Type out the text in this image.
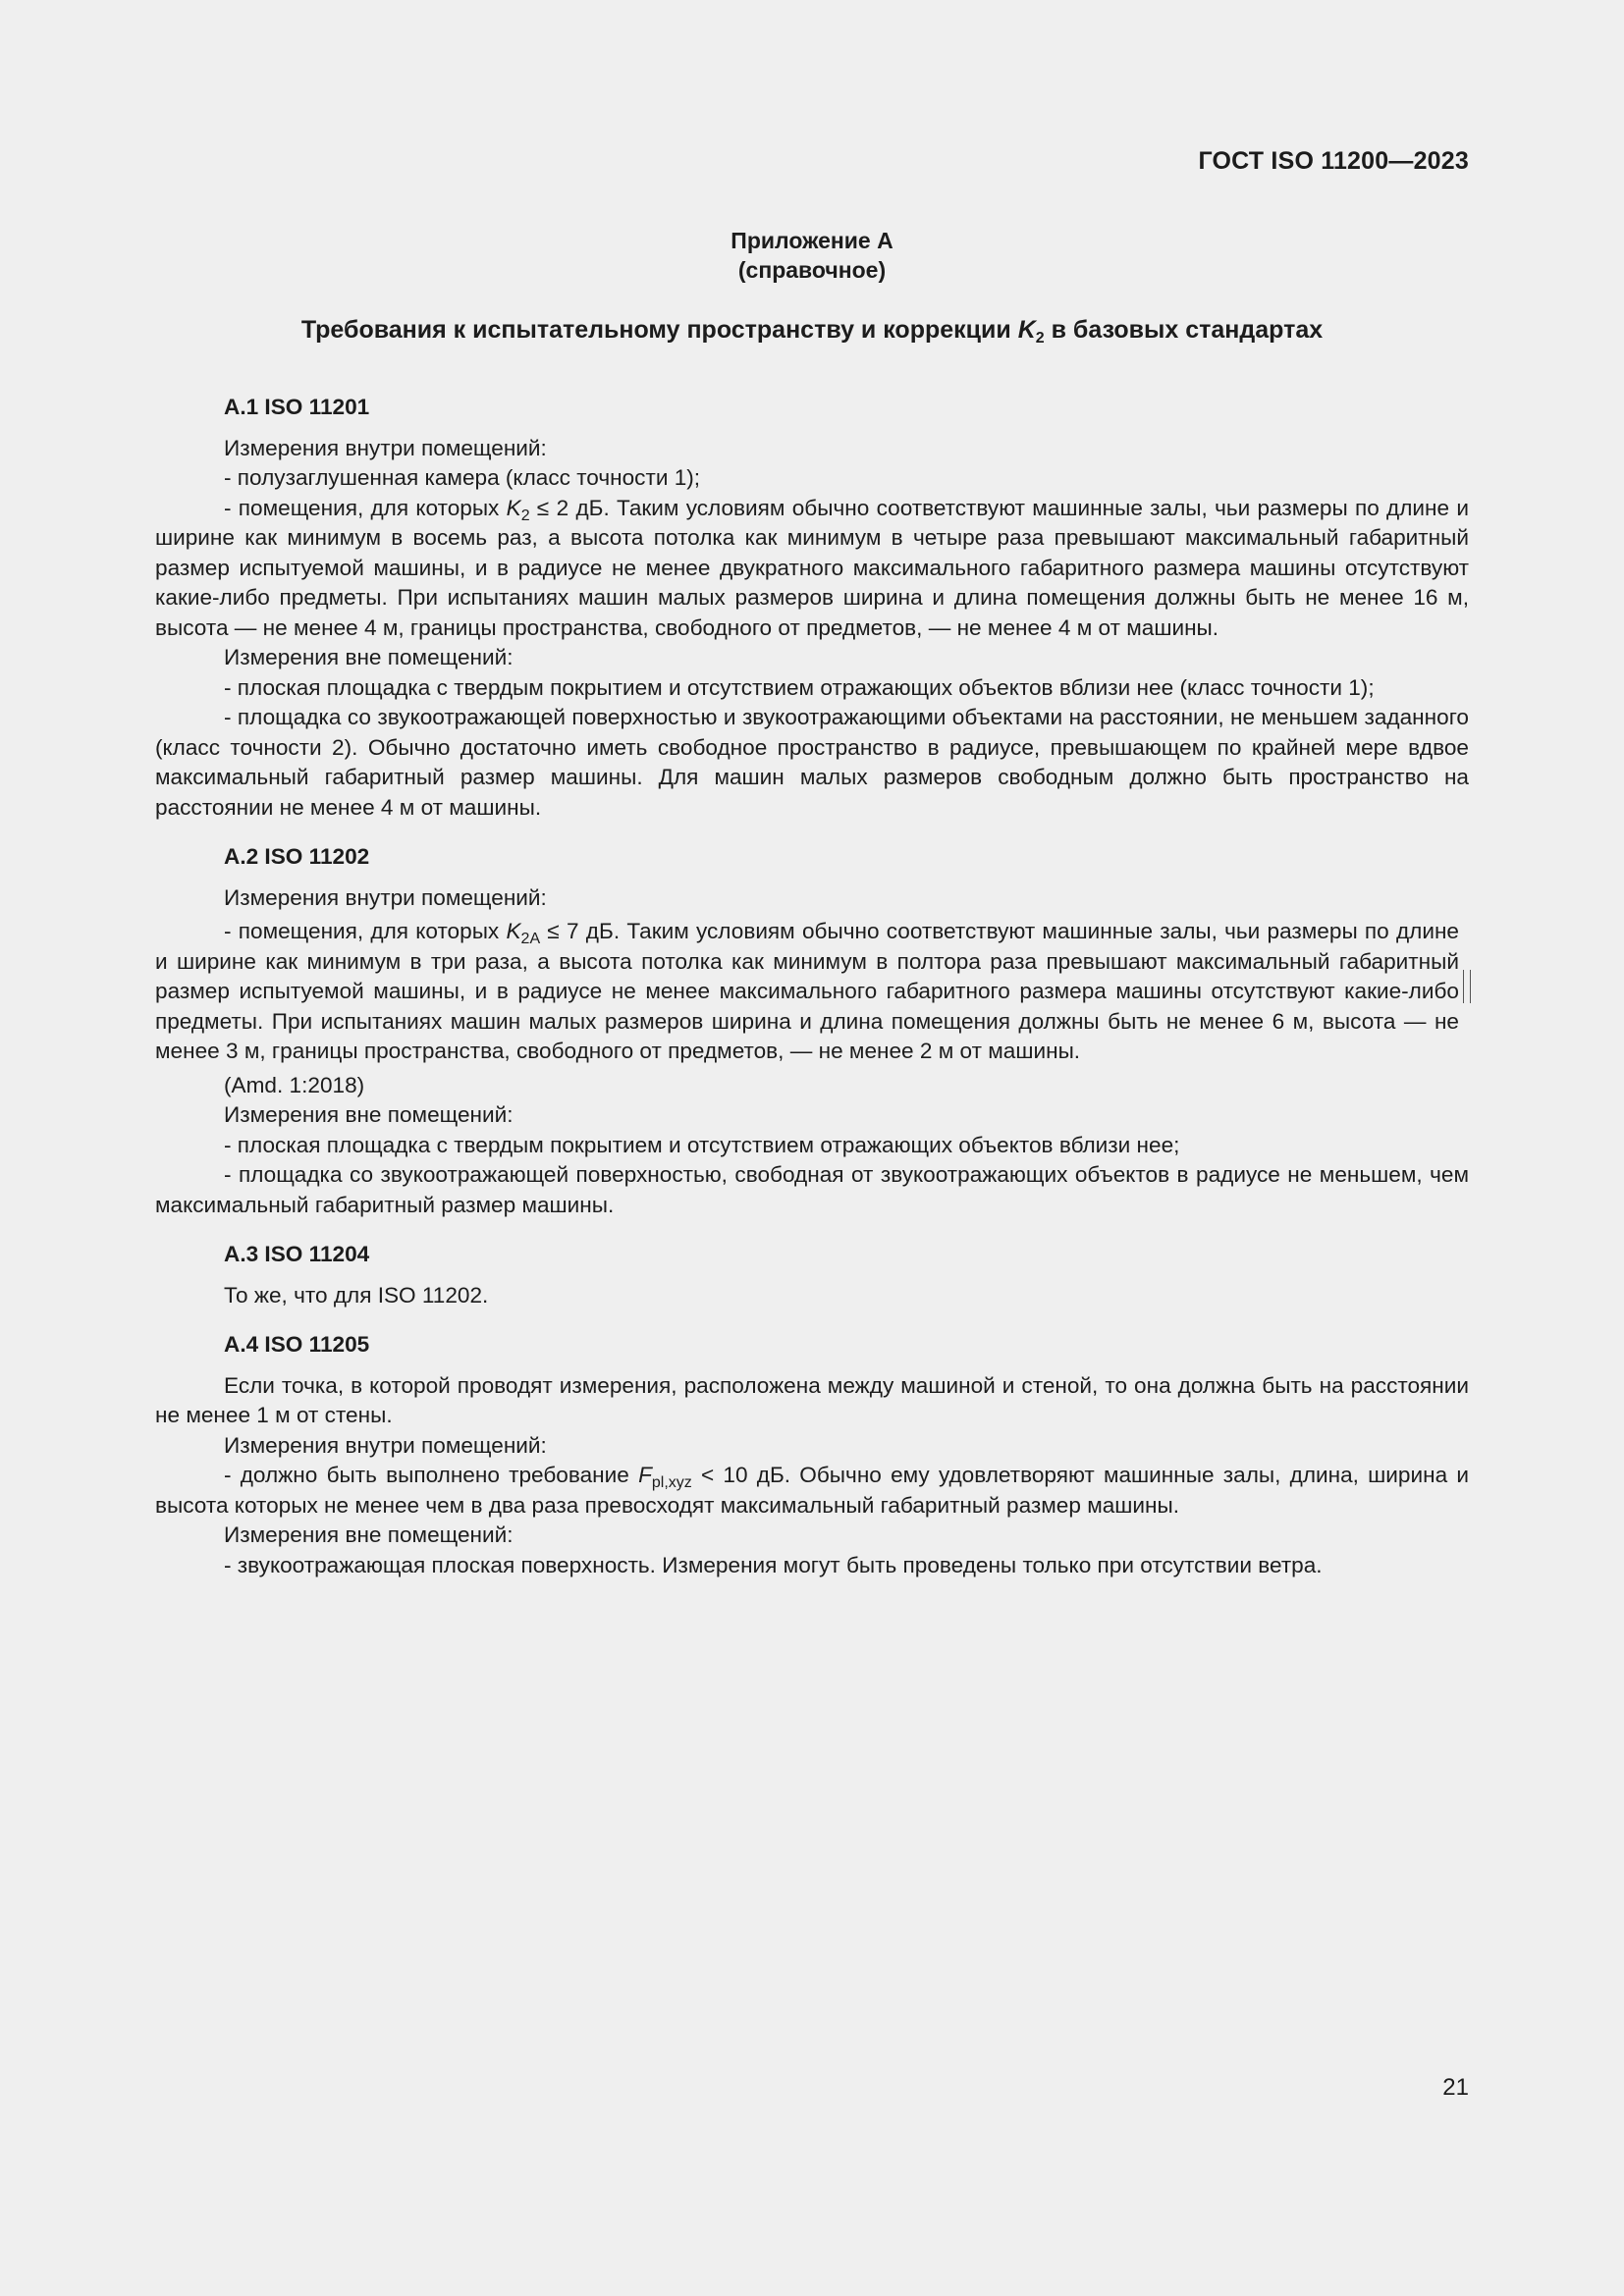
ГОСТ ISO 11200—2023
Приложение А
(справочное)
Требования к испытательному пространству и коррекции $K_2$ в базовых стандартах
А.1 ISO 11201

Измерения внутри помещений:

- полузаглушенная камера (класс точности 1);

- помещения, для которых $K_2 \le 2$ дБ. Таким условиям обычно соответствуют машинные залы, чьи размеры по длине и ширине как минимум в восемь раз, а высота потолка как минимум в четыре раза превышают максимальный габаритный размер испытуемой машины, и в радиусе не менее двукратного максимального габаритного размера машины отсутствуют какие-либо предметы. При испытаниях машин малых размеров ширина и длина помещения должны быть не менее 16 м, высота — не менее 4 м, границы пространства, свободного от предметов, — не менее 4 м от машины.

Измерения вне помещений:

- плоская площадка с твердым покрытием и отсутствием отражающих объектов вблизи нее (класс точности 1);

- площадка со звукоотражающей поверхностью и звукоотражающими объектами на расстоянии, не меньшем заданного (класс точности 2). Обычно достаточно иметь свободное пространство в радиусе, превышающем по крайней мере вдвое максимальный габаритный размер машины. Для машин малых размеров свободным должно быть пространство на расстоянии не менее 4 м от машины.

А.2 ISO 11202

Измерения внутри помещений:

- помещения, для которых $K_{2A} \le 7$ дБ. Таким условиям обычно соответствуют машинные залы, чьи размеры по длине и ширине как минимум в три раза, а высота потолка как минимум в полтора раза превышают максимальный габаритный размер испытуемой машины, и в радиусе не менее максимального габаритного размера машины отсутствуют какие-либо предметы. При испытаниях машин малых размеров ширина и длина помещения должны быть не менее 6 м, высота — не менее 3 м, границы пространства, свободного от предметов, — не менее 2 м от машины.

(Amd. 1:2018)

Измерения вне помещений:

- плоская площадка с твердым покрытием и отсутствием отражающих объектов вблизи нее;

- площадка со звукоотражающей поверхностью, свободная от звукоотражающих объектов в радиусе не меньшем, чем максимальный габаритный размер машины.

А.3 ISO 11204

То же, что для ISO 11202.

А.4 ISO 11205

Если точка, в которой проводят измерения, расположена между машиной и стеной, то она должна быть на расстоянии не менее 1 м от стены.

Измерения внутри помещений:

- должно быть выполнено требование $F_{pl,xyz} < 10$ дБ. Обычно ему удовлетворяют машинные залы, длина, ширина и высота которых не менее чем в два раза превосходят максимальный габаритный размер машины.

Измерения вне помещений:

- звукоотражающая плоская поверхность. Измерения могут быть проведены только при отсутствии ветра.

21
